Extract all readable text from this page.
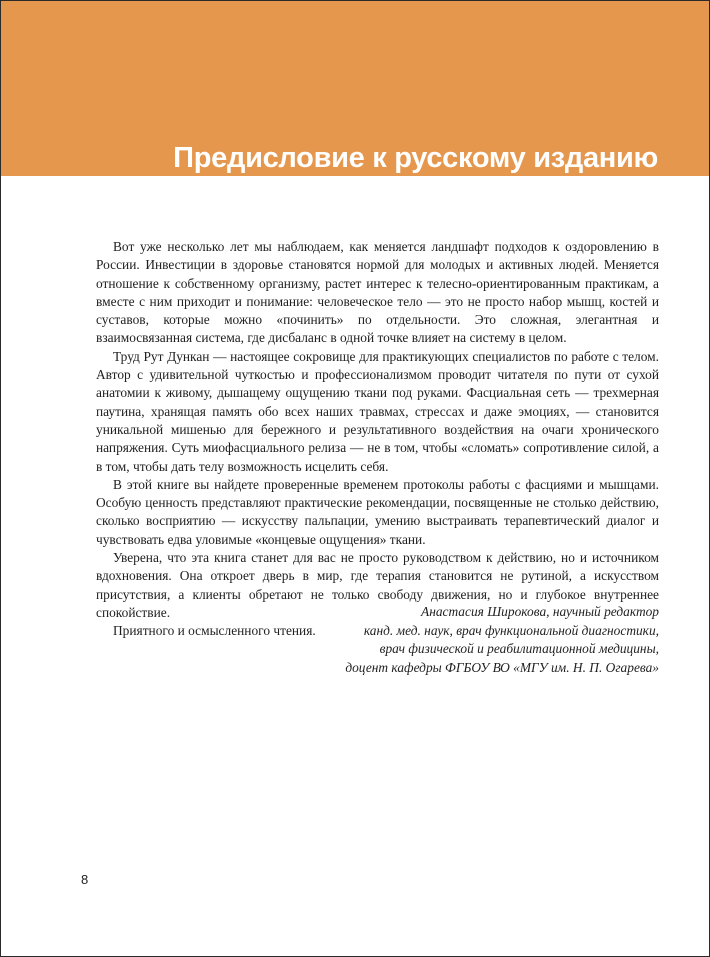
Предисловие к русскому изданию

Вот уже несколько лет мы наблюдаем, как меняется ландшафт подходов к оздоровлению в России. Инвестиции в здоровье становятся нормой для молодых и активных людей. Меняется отношение к собственному организму, растет интерес к телесно-ориентированным практикам, а вместе с ним приходит и понимание: человеческое тело — это не просто набор мышц, костей и суставов, которые можно «починить» по отдельности. Это сложная, элегантная и взаимосвязанная система, где дисбаланс в одной точке влияет на систему в целом.

Труд Рут Дункан — настоящее сокровище для практикующих специалистов по работе с телом. Автор с удивительной чуткостью и профессионализмом проводит читателя по пути от сухой анатомии к живому, дышащему ощущению ткани под руками. Фасциальная сеть — трехмерная паутина, хранящая память обо всех наших травмах, стрессах и даже эмоциях, — становится уникальной мишенью для бережного и результативного воздействия на очаги хронического напряжения. Суть миофасциального релиза — не в том, чтобы «сломать» сопротивление силой, а в том, чтобы дать телу возможность исцелить себя.

В этой книге вы найдете проверенные временем протоколы работы с фасциями и мышцами. Особую ценность представляют практические рекомендации, посвященные не столько действию, сколько восприятию — искусству пальпации, умению выстраивать терапевтический диалог и чувствовать едва уловимые «концевые ощущения» ткани.

Уверена, что эта книга станет для вас не просто руководством к действию, но и источником вдохновения. Она откроет дверь в мир, где терапия становится не рутиной, а искусством присутствия, а клиенты обретают не только свободу движения, но и глубокое внутреннее спокойствие.

Приятного и осмысленного чтения.

Анастасия Широкова, научный редактор
канд. мед. наук, врач функциональной диагностики,
врач физической и реабилитационной медицины,
доцент кафедры ФГБОУ ВО «МГУ им. Н. П. Огарева»
8
